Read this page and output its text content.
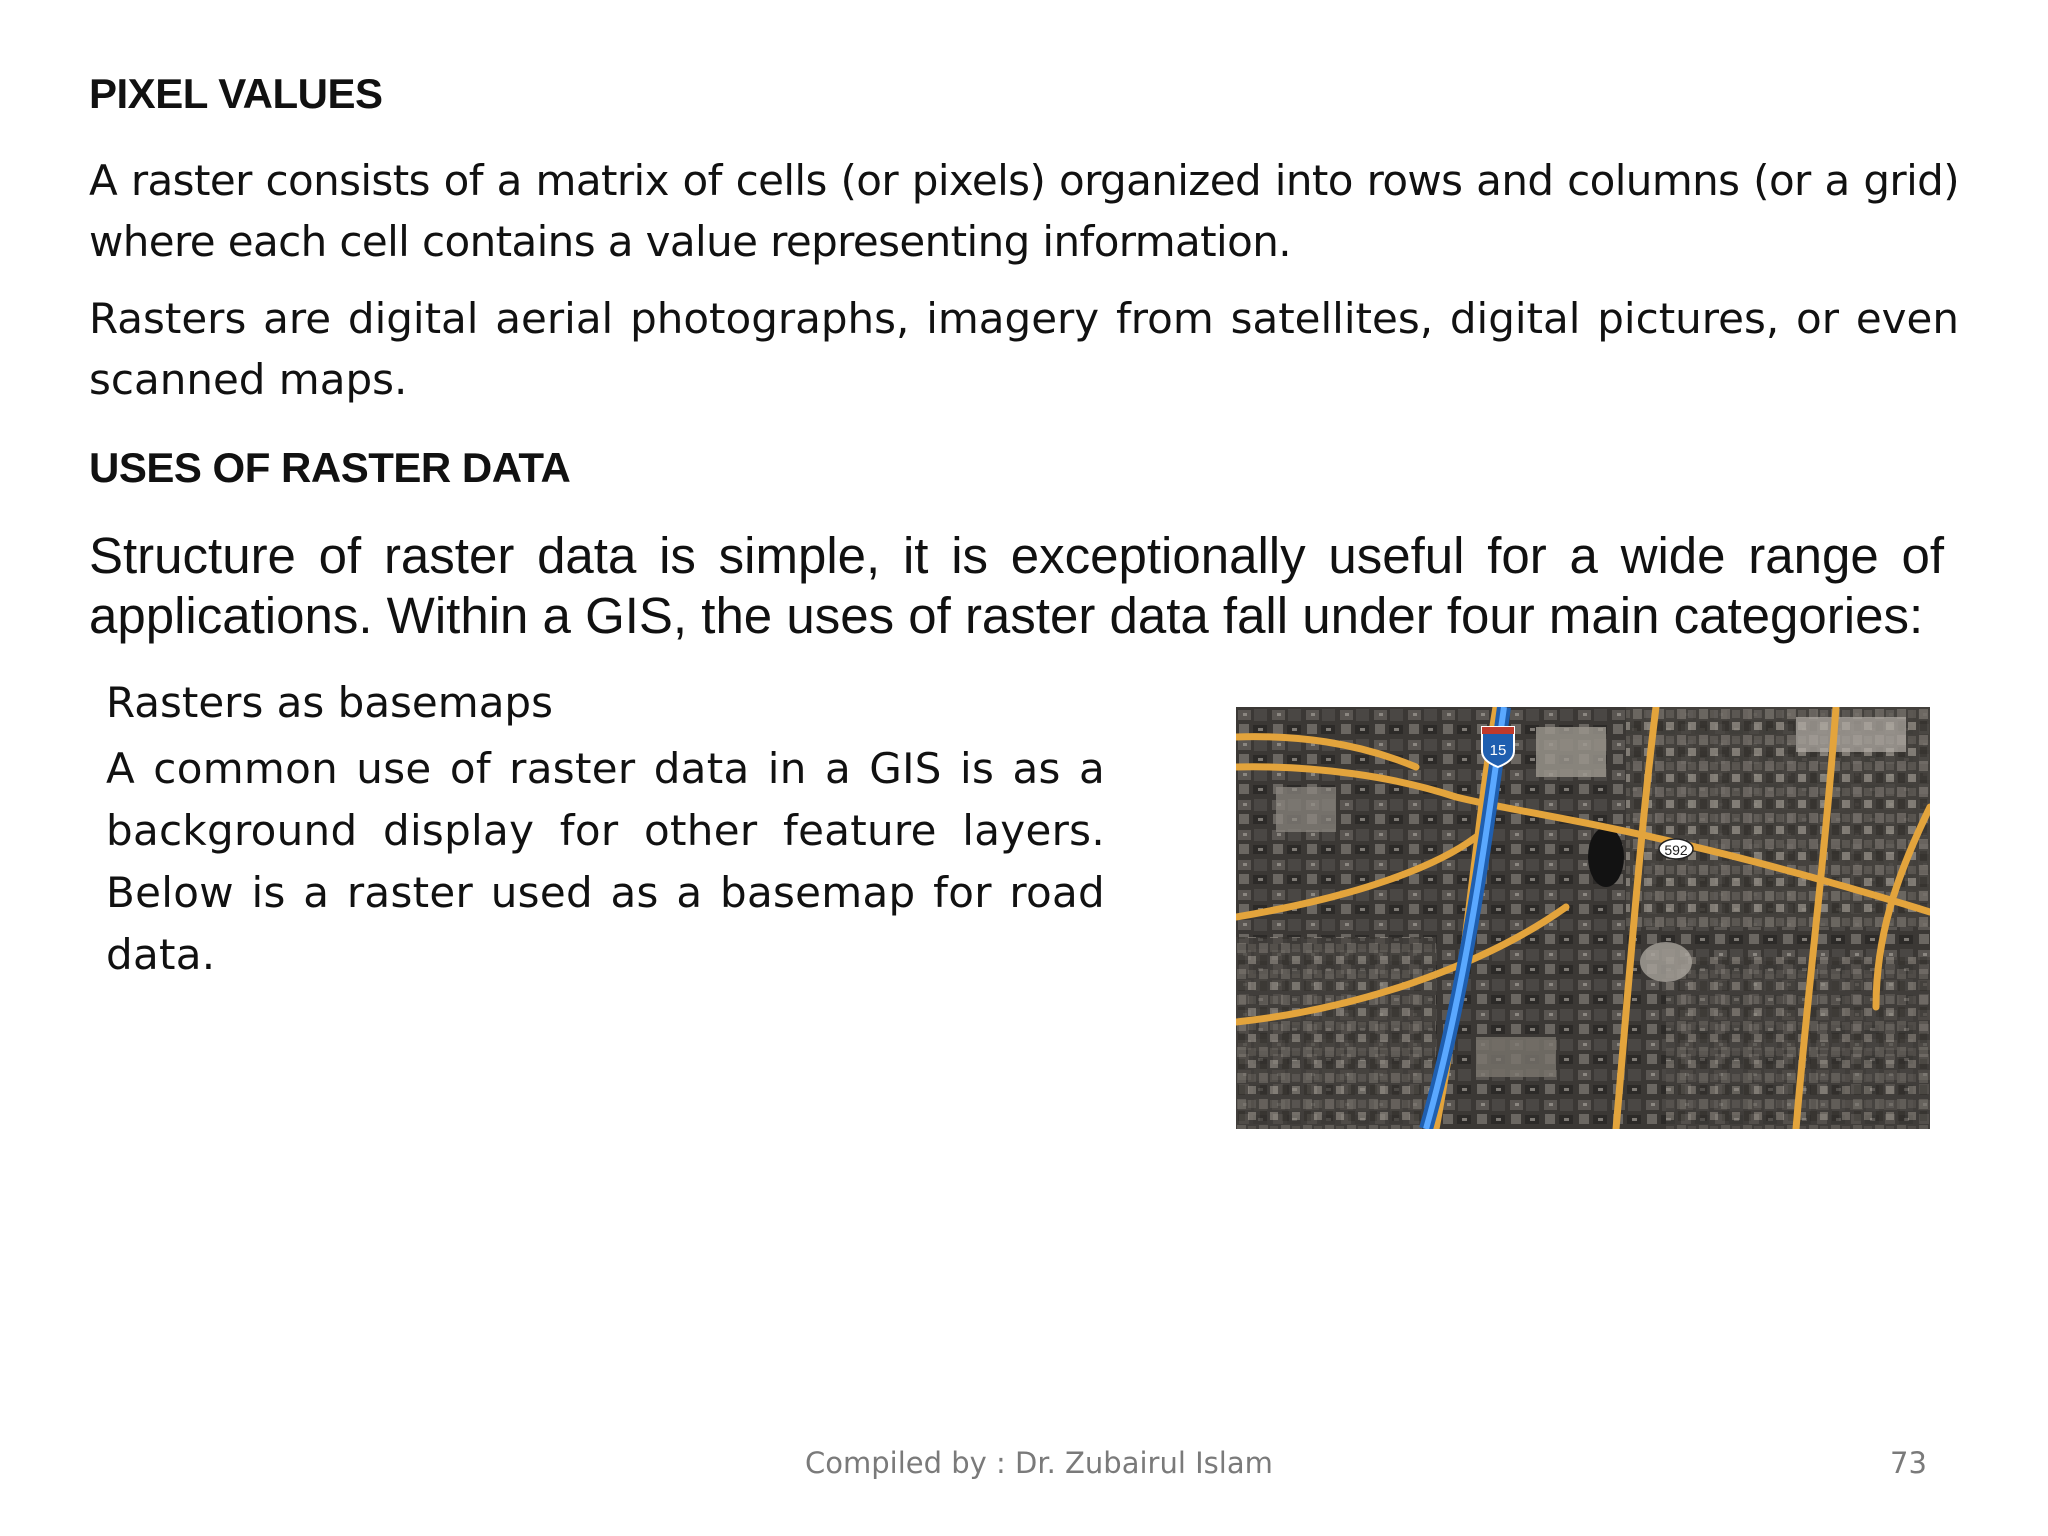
PIXEL VALUES

A raster consists of a matrix of cells (or pixels) organized into rows and columns (or a grid) where each cell contains a value representing information.

Rasters are digital aerial photographs, imagery from satellites, digital pictures, or even scanned maps.

USES OF RASTER DATA

Structure of raster data is simple, it is exceptionally useful for a wide range of applications. Within a GIS, the uses of raster data fall under four main categories:

Rasters as basemaps

A common use of raster data in a GIS is as a background display for other feature layers. Below is a raster used as a basemap for road data.

15
592

Compiled by : Dr. Zubairul Islam	73
